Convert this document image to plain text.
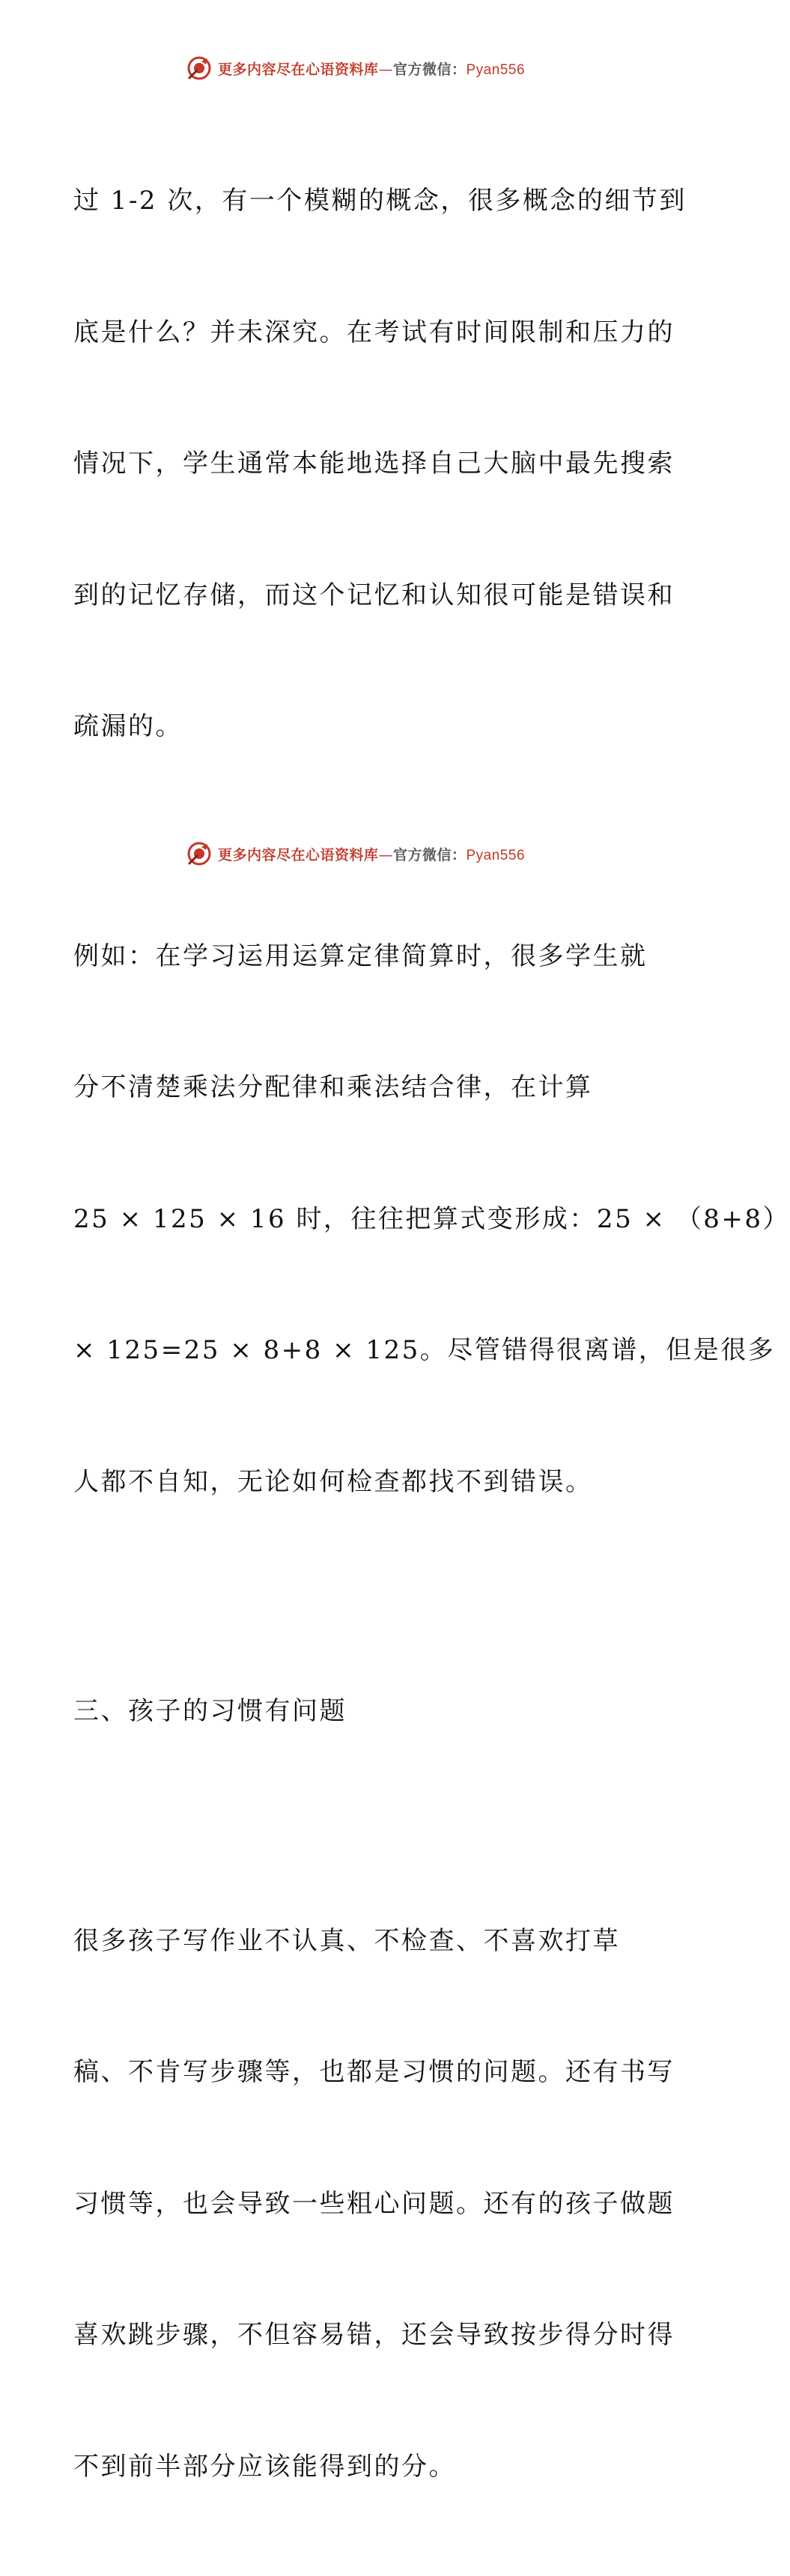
更多内容尽在心语资料库—官方微信：Pyan556

过 1-2 次，有一个模糊的概念，很多概念的细节到

底是什么？并未深究。在考试有时间限制和压力的

情况下，学生通常本能地选择自己大脑中最先搜索

到的记忆存储，而这个记忆和认知很可能是错误和

疏漏的。

例如：在学习运用运算定律简算时，很多学生就

分不清楚乘法分配律和乘法结合律，在计算

25 × 125 × 16 时，往往把算式变形成：25 × （8+8）

× 125=25 × 8+8 × 125。尽管错得很离谱，但是很多

人都不自知，无论如何检查都找不到错误。

三、孩子的习惯有问题

很多孩子写作业不认真、不检查、不喜欢打草

稿、不肯写步骤等，也都是习惯的问题。还有书写

习惯等，也会导致一些粗心问题。还有的孩子做题

喜欢跳步骤，不但容易错，还会导致按步得分时得

不到前半部分应该能得到的分。

更多内容尽在心语资料库—官方微信：Pyan556
